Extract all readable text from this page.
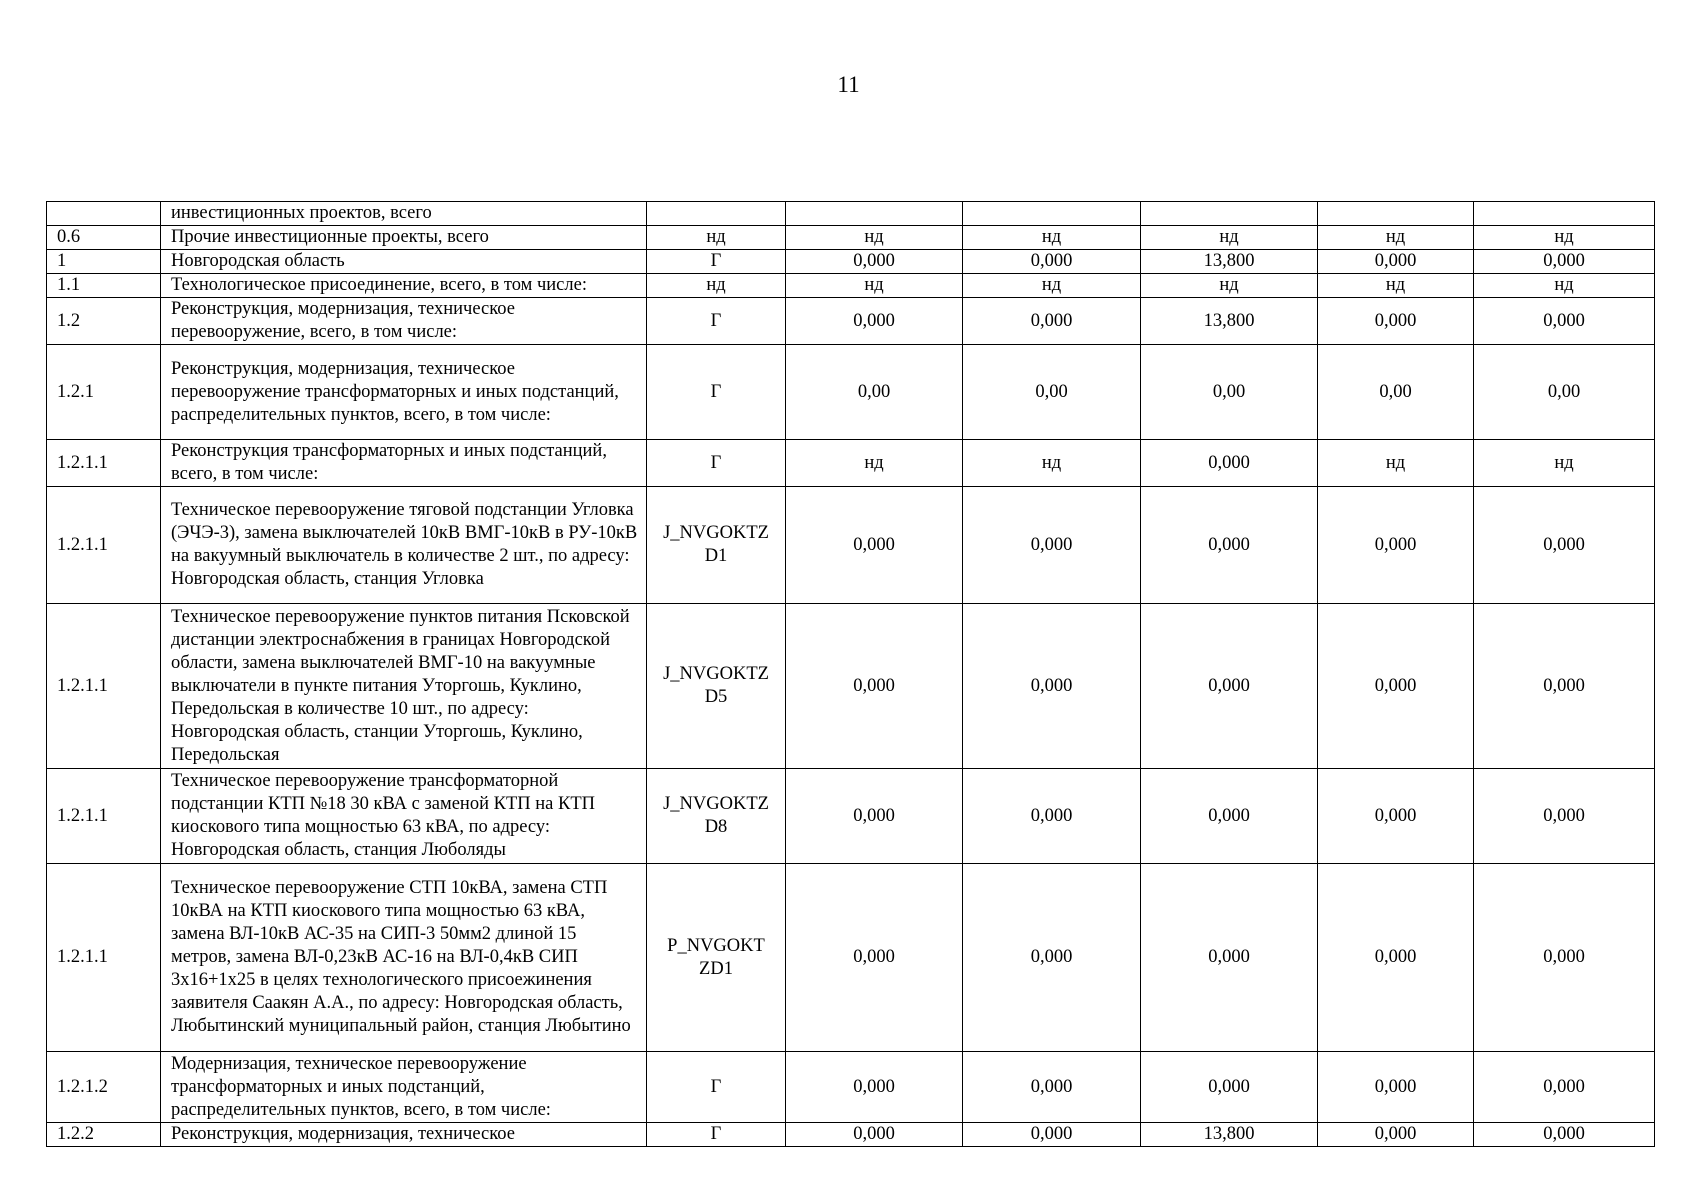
11
	инвестиционных проектов, всего						
0.6	Прочие инвестиционные проекты, всего	нд	нд	нд	нд	нд	нд
1	Новгородская область	Г	0,000	0,000	13,800	0,000	0,000
1.1	Технологическое присоединение, всего, в том числе:	нд	нд	нд	нд	нд	нд
1.2	Реконструкция, модернизация, техническое перевооружение, всего, в том числе:	Г	0,000	0,000	13,800	0,000	0,000
1.2.1	Реконструкция, модернизация, техническое перевооружение трансформаторных и иных подстанций, распределительных пунктов, всего, в том числе:	Г	0,00	0,00	0,00	0,00	0,00
1.2.1.1	Реконструкция трансформаторных и иных подстанций, всего, в том числе:	Г	нд	нд	0,000	нд	нд
1.2.1.1	Техническое перевооружение тяговой подстанции Угловка (ЭЧЭ-3), замена выключателей 10кВ ВМГ-10кВ в РУ-10кВ на вакуумный выключатель в количестве 2 шт., по адресу: Новгородская область, станция Угловка	J_NVGOKTZ D1	0,000	0,000	0,000	0,000	0,000
1.2.1.1	Техническое перевооружение пунктов питания Псковской дистанции электроснабжения в границах Новгородской области, замена выключателей ВМГ-10 на вакуумные выключатели в пункте питания Уторгошь, Куклино, Передольская в количестве 10 шт., по адресу: Новгородская область, станции Уторгошь, Куклино, Передольская	J_NVGOKTZ D5	0,000	0,000	0,000	0,000	0,000
1.2.1.1	Техническое перевооружение трансформаторной подстанции КТП №18 30 кВА с заменой КТП на КТП киоскового типа мощностью 63 кВА, по адресу: Новгородская область, станция Люболяды	J_NVGOKTZ D8	0,000	0,000	0,000	0,000	0,000
1.2.1.1	Техническое перевооружение СТП 10кВА, замена СТП 10кВА на КТП киоскового типа мощностью 63 кВА, замена ВЛ-10кВ АС-35 на СИП-3 50мм2 длиной 15 метров, замена ВЛ-0,23кВ АС-16 на ВЛ-0,4кВ СИП 3х16+1х25 в целях технологического присоежинения заявителя Саакян А.А., по адресу: Новгородская область, Любытинский муниципальный район, станция Любытино	P_NVGOKT ZD1	0,000	0,000	0,000	0,000	0,000
1.2.1.2	Модернизация, техническое перевооружение трансформаторных и иных подстанций, распределительных пунктов, всего, в том числе:	Г	0,000	0,000	0,000	0,000	0,000
1.2.2	Реконструкция, модернизация, техническое	Г	0,000	0,000	13,800	0,000	0,000
